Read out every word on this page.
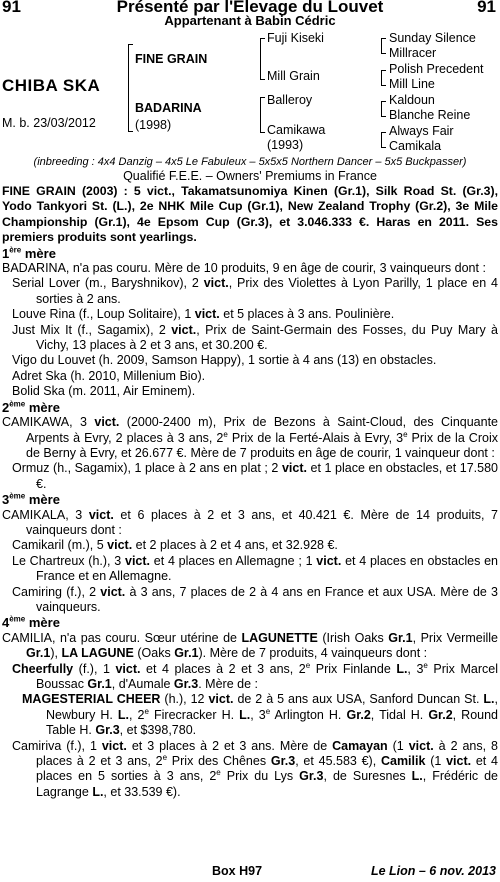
91	Présenté par l'Elevage du Louvet	91
Appartenant à Babin Cédric
CHIBA SKA
M. b. 23/03/2012
FINE GRAIN
BADARINA
(1998)
Fuji Kiseki
Mill Grain
Balleroy
Camikawa
(1993)
Sunday Silence
Millracer
Polish Precedent
Mill Line
Kaldoun
Blanche Reine
Always Fair
Camikala
(inbreeding : 4x4 Danzig – 4x5 Le Fabuleux – 5x5x5 Northern Dancer – 5x5 Buckpasser)
Qualifié F.E.E. – Owners' Premiums in France

FINE GRAIN (2003) : 5 vict., Takamatsunomiya Kinen (Gr.1), Silk Road St. (Gr.3), Yodo Tankyori St. (L.), 2e NHK Mile Cup (Gr.1), New Zealand Trophy (Gr.2), 3e Mile Championship (Gr.1), 4e Epsom Cup (Gr.3), et 3.046.333 €. Haras en 2011. Ses premiers produits sont yearlings.

1ère mère

BADARINA, n'a pas couru. Mère de 10 produits, 9 en âge de courir, 3 vainqueurs dont :

Serial Lover (m., Baryshnikov), 2 vict., Prix des Violettes à Lyon Parilly, 1 place en 4 sorties à 2 ans.

Louve Rina (f., Loup Solitaire), 1 vict. et 5 places à 3 ans. Poulinière.

Just Mix It (f., Sagamix), 2 vict., Prix de Saint-Germain des Fosses, du Puy Mary à Vichy, 13 places à 2 et 3 ans, et 30.200 €.

Vigo du Louvet (h. 2009, Samson Happy), 1 sortie à 4 ans (13) en obstacles.

Adret Ska (h. 2010, Millenium Bio).

Bolid Ska (m. 2011, Air Eminem).

2ème mère

CAMIKAWA, 3 vict. (2000-2400 m), Prix de Bezons à Saint-Cloud, des Cinquante Arpents à Evry, 2 places à 3 ans, 2e Prix de la Ferté-Alais à Evry, 3e Prix de la Croix de Berny à Evry, et 26.677 €. Mère de 7 produits en âge de courir, 1 vainqueur dont :

Ormuz (h., Sagamix), 1 place à 2 ans en plat ; 2 vict. et 1 place en obstacles, et 17.580 €.

3ème mère

CAMIKALA, 3 vict. et 6 places à 2 et 3 ans, et 40.421 €. Mère de 14 produits, 7 vainqueurs dont :

Camikaril (m.), 5 vict. et 2 places à 2 et 4 ans, et 32.928 €.

Le Chartreux (h.), 3 vict. et 4 places en Allemagne ; 1 vict. et 4 places en obstacles en France et en Allemagne.

Camiring (f.), 2 vict. à 3 ans, 7 places de 2 à 4 ans en France et aux USA. Mère de 3 vainqueurs.

4ème mère

CAMILIA, n'a pas couru. Sœur utérine de LAGUNETTE (Irish Oaks Gr.1, Prix Vermeille Gr.1), LA LAGUNE (Oaks Gr.1). Mère de 7 produits, 4 vainqueurs dont :

Cheerfully (f.), 1 vict. et 4 places à 2 et 3 ans, 2e Prix Finlande L., 3e Prix Marcel Boussac Gr.1, d'Aumale Gr.3. Mère de :

MAGESTERIAL CHEER (h.), 12 vict. de 2 à 5 ans aux USA, Sanford Duncan St. L., Newbury H. L., 2e Firecracker H. L., 3e Arlington H. Gr.2, Tidal H. Gr.2, Round Table H. Gr.3, et $398,780.

Camiriva (f.), 1 vict. et 3 places à 2 et 3 ans. Mère de Camayan (1 vict. à 2 ans, 8 places à 2 et 3 ans, 2e Prix des Chênes Gr.3, et 45.583 €), Camilik (1 vict. et 4 places en 5 sorties à 3 ans, 2e Prix du Lys Gr.3, de Suresnes L., Frédéric de Lagrange L., et 33.539 €).

Box H97	Le Lion – 6 nov. 2013
